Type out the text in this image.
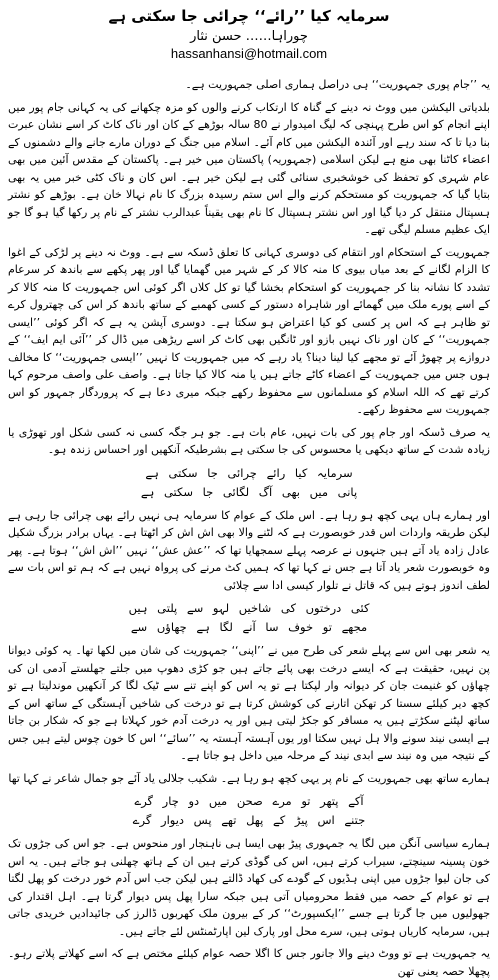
سرمایہ کیا ’’رائے‘‘ چرائی جا سکتی ہے
چوراہا…… حسن نثار
hassanhansi@hotmail.com

یہ ’’جام پوری جمہوریت‘‘ ہی دراصل ہماری اصلی جمہوریت ہے۔

بلدیاتی الیکشن میں ووٹ نہ دینے کے گناہ کا ارتکاب کرنے والوں کو مزہ چکھانے کی یہ کہانی جام پور میں اپنے انجام کو اس طرح پہنچی کہ لیگ امیدوار نے 80 سالہ بوڑھے کے کان اور ناک کاٹ کر اسے نشان عبرت بنا دیا تا کہ سند رہے اور آئندہ الیکشن میں کام آئے۔ اسلام میں جنگ کے دوران مارے جانے والے دشمنوں کے اعضاء کاٹنا بھی منع ہے لیکن اسلامی (جمہوریہ) پاکستان میں خیر ہے۔ پاکستان کے مقدس آئین میں بھی عام شہری کو تحفظ کی خوشخبری سنائی گئی ہے لیکن خیر ہے۔ اس کان و ناک کٹی خبر میں یہ بھی بتایا گیا کہ جمہوریت کو مستحکم کرنے والے اس ستم رسیدہ بزرگ کا نام نہالا خان ہے۔ بوڑھے کو نشتر ہسپتال منتقل کر دیا گیا اور اس نشتر ہسپتال کا نام بھی یقیناً عبدالرب نشتر کے نام پر رکھا گیا ہو گا جو ایک عظیم مسلم لیگی تھے۔

جمہوریت کے استحکام اور انتقام کی دوسری کہانی کا تعلق ڈسکہ سے ہے۔ ووٹ نہ دینے پر لڑکی کے اغوا کا الزام لگانے کے بعد میاں بیوی کا منہ کالا کر کے شہر میں گھمایا گیا اور پھر پکھے سے باندھ کر سرعام تشدد کا نشانہ بنا کر جمہوریت کو استحکام بخشا گیا تو کل کلاں اگر کوئی اس جمہوریت کا منہ کالا کر کے اسے پورے ملک میں گھمائے اور شاہراہ دستور کے کسی کھمبے کے ساتھ باندھ کر اس کی چھترول کرے تو ظاہر ہے کہ اس پر کسی کو کیا اعتراض ہو سکتا ہے۔ دوسری آپشن یہ ہے کہ اگر کوئی ’’ایسی جمہوریت‘‘ کے کان اور ناک نہیں بازو اور ٹانگیں بھی کاٹ کر اسے ریڑھی میں ڈال کر ’’آئی ایم ایف‘‘ کے دروازے پر چھوڑ آئے تو مجھے کیا لینا دینا؟ یاد رہے کہ میں جمہوریت کا نہیں ’’ایسی جمہوریت‘‘ کا مخالف ہوں جس میں جمہوریت کے اعضاء کاٹے جاتے ہیں یا منہ کالا کیا جاتا ہے۔ واصف علی واصف مرحوم کہا کرتے تھے کہ اللہ اسلام کو مسلمانوں سے محفوظ رکھے جبکہ میری دعا ہے کہ پروردگار جمہور کو اس جمہوریت سے محفوظ رکھے۔

یہ صرف ڈسکہ اور جام پور کی بات نہیں، عام بات ہے۔ جو ہر جگہ کسی نہ کسی شکل اور تھوڑی یا زیادہ شدت کے ساتھ دیکھی یا محسوس کی جا سکتی ہے بشرطیکہ آنکھیں اور احساس زندہ ہو۔

سرمایہ کیا رائے چرائی جا سکتی ہے
پانی میں بھی آگ لگائی جا سکتی ہے

اور ہمارے ہاں یہی کچھ ہو رہا ہے۔ اس ملک کے عوام کا سرمایہ ہی نہیں رائے بھی چرائی جا رہی ہے لیکن طریقہ واردات اس قدر خوبصورت ہے کہ لٹنے والا بھی اش اش کر اٹھتا ہے۔ یہاں برادر بزرگ شکیل عادل زادہ یاد آتے ہیں جنہوں نے عرصہ پہلے سمجھایا تھا کہ ’’عش عش‘‘ نہیں ’’اش اش‘‘ ہوتا ہے۔ پھر وہ خوبصورت شعر یاد آتا ہے جس نے کہا تھا کہ ہمیں کٹ مرنے کی پرواہ نہیں ہے کہ ہم تو اس بات سے لطف اندوز ہوتے ہیں کہ قاتل نے تلوار کیسی ادا سے چلائی

کئی درختوں کی شاخیں لہو سے پلتی ہیں
مجھے تو خوف سا آنے لگا ہے چھاؤں سے

یہ شعر بھی اس سے پہلے شعر کی طرح میں نے ’’اپنی‘‘ جمہوریت کی شان میں لکھا تھا۔ یہ کوئی دیوانا پن نہیں، حقیقت ہے کہ ایسے درخت بھی پائے جاتے ہیں جو کڑی دھوپ میں جلتے جھلستے آدمی ان کی چھاؤں کو غنیمت جان کر دیوانہ وار لپکتا ہے تو یہ اس کو اپنے تنے سے ٹیک لگا کر آنکھیں موندلیتا ہے تو کچھ دیر کیلئے سستا کر تھکن اتارنے کی کوشش کرتا ہے تو درخت کی شاخیں آہستگی کے ساتھ اس کے ساتھ لپٹنے سکڑتے ہیں یہ مسافر کو جکڑ لیتی ہیں اور یہ درخت آدم خور کہلاتا ہے جو کہ شکار بن جاتا ہے ایسی نیند سونے والا ہل نہیں سکتا اور یوں آہستہ آہستہ یہ ’’سائے‘‘ اس کا خون چوس لیتے ہیں جس کے نتیجہ میں وہ نیند سے ابدی نیند کے مرحلہ میں داخل ہو جاتا ہے۔

ہمارے ساتھ بھی جمہوریت کے نام پر یہی کچھ ہو رہا ہے۔ شکیب جلالی یاد آئے جو جمال شاعر نے کہا تھا

آکے پتھر تو مرے صحن میں دو چار گرے
جتنے اس پیڑ کے پھل تھے پس دیوار گرے

ہمارے سیاسی آنگن میں لگا یہ جمہوری پیڑ بھی ایسا ہی ناہنجار اور منحوس ہے۔ جو اس کی جڑوں تک خون پسینہ سینچتے، سیراب کرتے ہیں، اس کی گوڈی کرتے ہیں ان کے ہاتھ چھلنی ہو جاتے ہیں۔ یہ اس کی جان لیوا جڑوں میں اپنی ہڈیوں کے گودے کی کھاد ڈالتے ہیں لیکن جب اس آدم خور درخت کو پھل لگتا ہے تو عوام کے حصہ میں فقط محرومیاں آتی ہیں جبکہ سارا پھل پس دیوار گرتا ہے۔ اہل اقتدار کی جھولیوں میں جا گرتا ہے جسے ’’ایکسپورٹ‘‘ کر کے بیرون ملک کھربوں ڈالرز کی جائیدادیں خریدی جاتی ہیں، سرمایہ کاریاں ہوتی ہیں، سرے محل اور پارک لین اپارٹمنٹس لئے جاتے ہیں۔

یہ جمہوریت ہے تو ووٹ دینے والا جانور جس کا اگلا حصہ عوام کیلئے مختص ہے کہ اسے کھلاتے پلاتے رہو۔ پچھلا حصہ یعنی تھن
